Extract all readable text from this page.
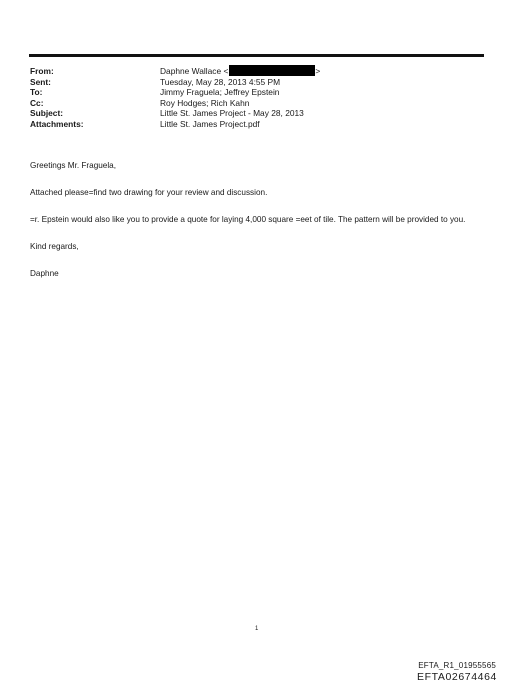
From:	Daphne Wallace <	>
Sent:	Tuesday, May 28, 2013 4:55 PM
To:	Jimmy Fraguela; Jeffrey Epstein
Cc:	Roy Hodges; Rich Kahn
Subject:	Little St. James Project - May 28, 2013
Attachments:	Little St. James Project.pdf

Greetings Mr. Fraguela,

Attached please=find two drawing for your review and discussion.

=r. Epstein would also like you to provide a quote for laying 4,000 square =eet of tile. The pattern will be provided to you.

Kind regards,

Daphne

1
EFTA_R1_01955565
EFTA02674464
